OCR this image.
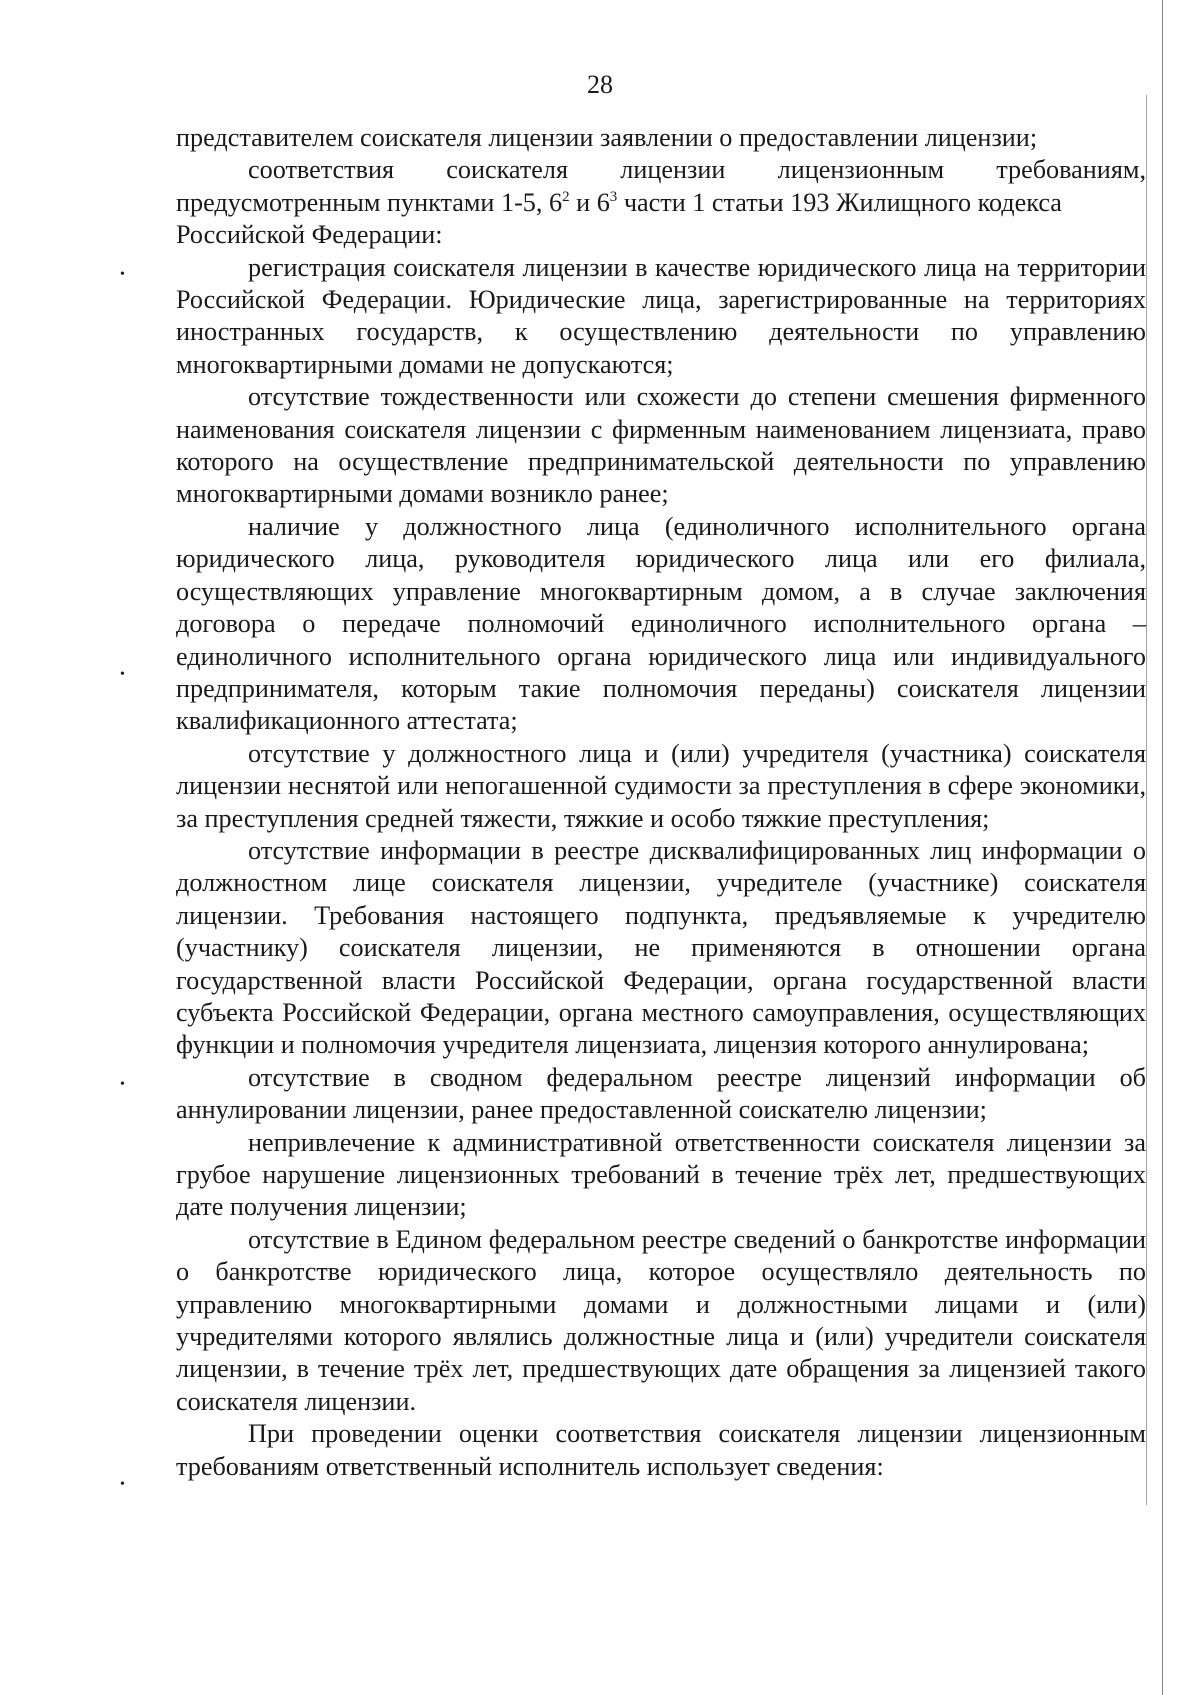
28
•
•
•
•

представителем соискателя лицензии заявлении о предоставлении лицензии;

соответствия соискателя лицензии лицензионным требованиям, предусмотренным пунктами 1-5, $6^2$ и $6^3$ части 1 статьи 193 Жилищного кодекса

Российской Федерации:

регистрация соискателя лицензии в качестве юридического лица на территории Российской Федерации. Юридические лица, зарегистрированные на территориях иностранных государств, к осуществлению деятельности по управлению многоквартирными домами не допускаются;

отсутствие тождественности или схожести до степени смешения фирменного наименования соискателя лицензии с фирменным наименованием лицензиата, право которого на осуществление предпринимательской деятельности по управлению многоквартирными домами возникло ранее;

наличие у должностного лица (единоличного исполнительного органа юридического лица, руководителя юридического лица или его филиала, осуществляющих управление многоквартирным домом, а в случае заключения договора о передаче полномочий единоличного исполнительного органа – единоличного исполнительного органа юридического лица или индивидуального предпринимателя, которым такие полномочия переданы) соискателя лицензии квалификационного аттестата;

отсутствие у должностного лица и (или) учредителя (участника) соискателя лицензии неснятой или непогашенной судимости за преступления в сфере экономики, за преступления средней тяжести, тяжкие и особо тяжкие преступления;

отсутствие информации в реестре дисквалифицированных лиц информации о должностном лице соискателя лицензии, учредителе (участнике) соискателя лицензии. Требования настоящего подпункта, предъявляемые к учредителю (участнику) соискателя лицензии, не применяются в отношении органа государственной власти Российской Федерации, органа государственной власти субъекта Российской Федерации, органа местного самоуправления, осуществляющих функции и полномочия учредителя лицензиата, лицензия которого аннулирована;

отсутствие в сводном федеральном реестре лицензий информации об аннулировании лицензии, ранее предоставленной соискателю лицензии;

непривлечение к административной ответственности соискателя лицензии за грубое нарушение лицензионных требований в течение трёх лет, предшествующих дате получения лицензии;

отсутствие в Едином федеральном реестре сведений о банкротстве информации о банкротстве юридического лица, которое осуществляло деятельность по управлению многоквартирными домами и должностными лицами и (или) учредителями которого являлись должностные лица и (или) учредители соискателя лицензии, в течение трёх лет, предшествующих дате обращения за лицензией такого соискателя лицензии.

При проведении оценки соответствия соискателя лицензии лицензионным требованиям ответственный исполнитель использует сведения:
